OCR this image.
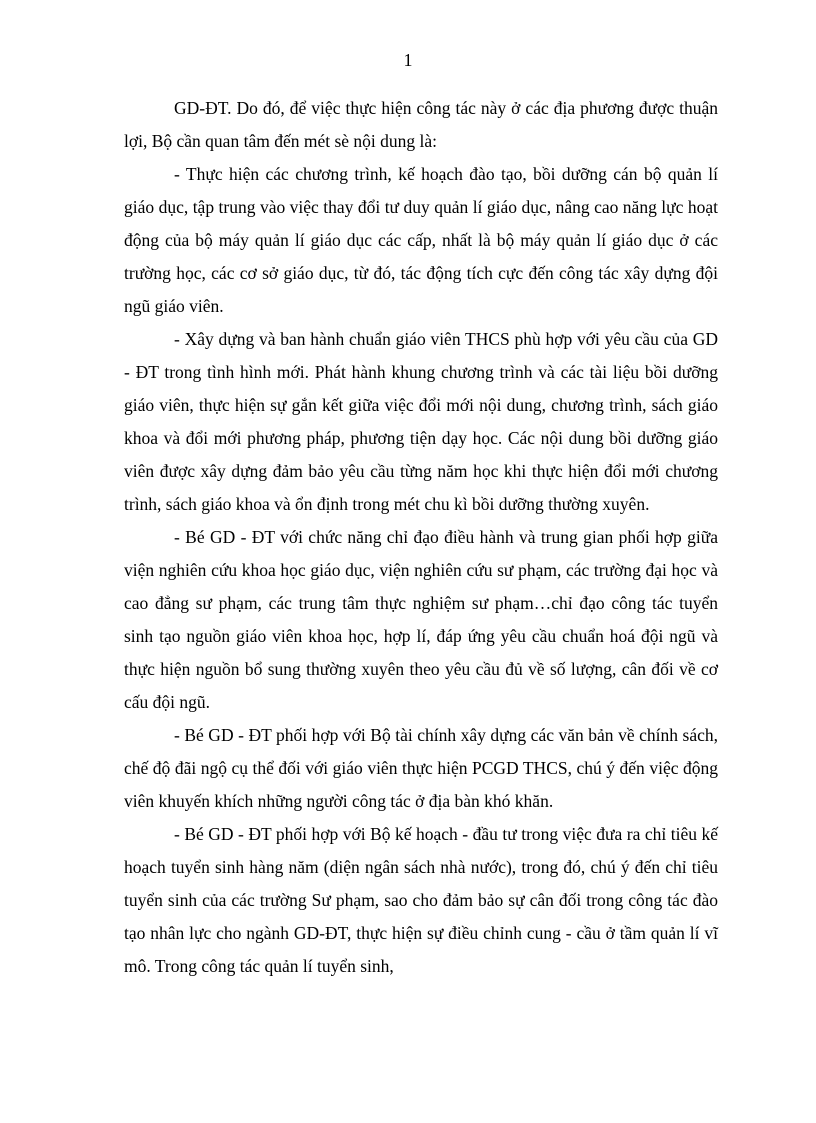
1

GD-ĐT. Do đó, để việc thực hiện công tác này ở các địa phương được thuận lợi, Bộ cần quan tâm đến mét sè nội dung là:

- Thực hiện các chương trình, kế hoạch đào tạo, bồi dưỡng cán bộ quản lí giáo dục, tập trung vào việc thay đổi tư duy quản lí giáo dục, nâng cao năng lực hoạt động của bộ máy quản lí giáo dục các cấp, nhất là bộ máy quản lí giáo dục ở các trường học, các cơ sở giáo dục, từ đó, tác động tích cực đến công tác xây dựng đội ngũ giáo viên.

- Xây dựng và ban hành chuẩn giáo viên THCS phù hợp với yêu cầu của GD - ĐT trong tình hình mới. Phát hành khung chương trình và các tài liệu bồi dưỡng giáo viên, thực hiện sự gắn kết giữa việc đổi mới nội dung, chương trình, sách giáo khoa và đổi mới phương pháp, phương tiện dạy học. Các nội dung bồi dưỡng giáo viên được xây dựng đảm bảo yêu cầu từng năm học khi thực hiện đổi mới chương trình, sách giáo khoa và ổn định trong mét chu kì bồi dưỡng thường xuyên.

- Bé GD - ĐT với chức năng chỉ đạo điều hành và trung gian phối hợp giữa viện nghiên cứu khoa học giáo dục, viện nghiên cứu sư phạm, các trường đại học và cao đẳng sư phạm, các trung tâm thực nghiệm sư phạm…chỉ đạo công tác tuyển sinh tạo nguồn giáo viên khoa học, hợp lí, đáp ứng yêu cầu chuẩn hoá đội ngũ và thực hiện nguồn bổ sung thường xuyên theo yêu cầu đủ về số lượng, cân đối về cơ cấu đội ngũ.

- Bé GD - ĐT phối hợp với Bộ tài chính xây dựng các văn bản về chính sách, chế độ đãi ngộ cụ thể đối với giáo viên thực hiện PCGD THCS, chú ý đến việc động viên khuyến khích những người công tác ở địa bàn khó khăn.

- Bé GD - ĐT phối hợp với Bộ kế hoạch - đầu tư trong việc đưa ra chỉ tiêu kế hoạch tuyển sinh hàng năm (diện ngân sách nhà nước), trong đó, chú ý đến chỉ tiêu tuyển sinh của các trường Sư phạm, sao cho đảm bảo sự cân đối trong công tác đào tạo nhân lực cho ngành GD-ĐT, thực hiện sự điều chỉnh cung - cầu ở tầm quản lí vĩ mô. Trong công tác quản lí tuyển sinh,
